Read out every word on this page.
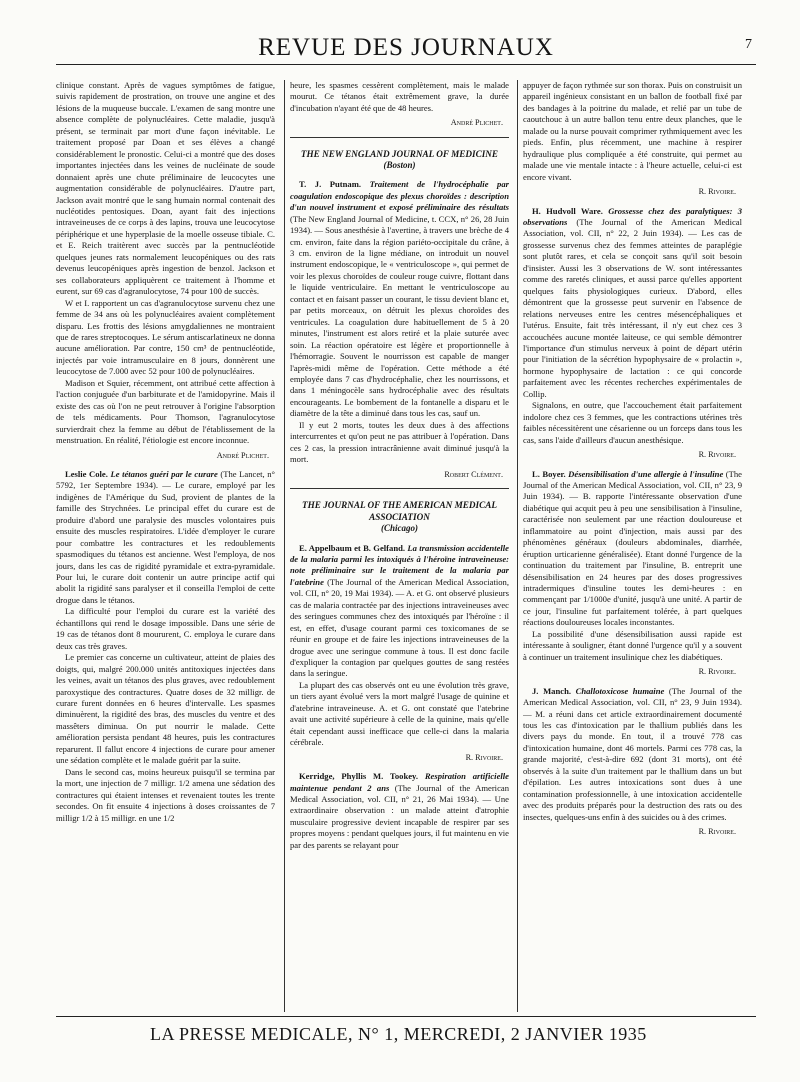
REVUE DES JOURNAUX	7

clinique constant. Après de vagues symptômes de fatigue, suivis rapidement de prostration, on trouve une angine et des lésions de la muqueuse buccale. L'examen de sang montre une absence complète de polynucléaires. Cette maladie, jusqu'à présent, se terminait par mort d'une façon inévitable. Le traitement proposé par Doan et ses élèves a changé considérablement le pronostic. Celui-ci a montré que des doses importantes injectées dans les veines de nucléinate de soude donnaient après une chute préliminaire de leucocytes une augmentation considérable de polynucléaires. D'autre part, Jackson avait montré que le sang humain normal contenait des nucléotides pentosiques. Doan, ayant fait des injections intraveineuses de ce corps à des lapins, trouva une leucocytose périphérique et une hyperplasie de la moelle osseuse tibiale. C. et E. Reich traitèrent avec succès par la pentnucléotide quelques jeunes rats normalement leucopéniques ou des rats devenus leucopéniques après ingestion de benzol. Jackson et ses collaborateurs appliquèrent ce traitement à l'homme et eurent, sur 69 cas d'agranulocytose, 74 pour 100 de succès.

W et I. rapportent un cas d'agranulocytose survenu chez une femme de 34 ans où les polynucléaires avaient complètement disparu. Les frottis des lésions amygdaliennes ne montraient que de rares streptocoques. Le sérum antiscarlatineux ne donna aucune amélioration. Par contre, 150 cm³ de pentnucléotide, injectés par voie intramusculaire en 8 jours, donnèrent une leucocytose de 7.000 avec 52 pour 100 de polynucléaires.

Madison et Squier, récemment, ont attribué cette affection à l'action conjuguée d'un barbiturate et de l'amidopyrine. Mais il existe des cas où l'on ne peut retrouver à l'origine l'absorption de tels médicaments. Pour Thomson, l'agranulocytose survierdrait chez la femme au début de l'établissement de la menstruation. En réalité, l'étiologie est encore inconnue.

André Plichet.

Leslie Cole. Le tétanos guéri par le curare (The Lancet, n° 5792, 1er Septembre 1934). — Le curare, employé par les indigènes de l'Amérique du Sud, provient de plantes de la famille des Strychnées. Le principal effet du curare est de produire d'abord une paralysie des muscles volontaires puis ensuite des muscles respiratoires. L'idée d'employer le curare pour combattre les contractures et les redoublements spasmodiques du tétanos est ancienne. West l'employa, de nos jours, dans les cas de rigidité pyramidale et extra-pyramidale. Pour lui, le curare doit contenir un autre principe actif qui abolit la rigidité sans paralyser et il conseilla l'emploi de cette drogue dans le tétanos.

La difficulté pour l'emploi du curare est la variété des échantillons qui rend le dosage impossible. Dans une série de 19 cas de tétanos dont 8 moururent, C. employa le curare dans deux cas très graves.

Le premier cas concerne un cultivateur, atteint de plaies des doigts, qui, malgré 200.000 unités antitoxiques injectées dans les veines, avait un tétanos des plus graves, avec redoublement paroxystique des contractures. Quatre doses de 32 milligr. de curare furent données en 6 heures d'intervalle. Les spasmes diminuèrent, la rigidité des bras, des muscles du ventre et des massêters diminua. On put nourrir le malade. Cette amélioration persista pendant 48 heures, puis les contractures reparurent. Il fallut encore 4 injections de curare pour amener une sédation complète et le malade guérit par la suite.

Dans le second cas, moins heureux puisqu'il se termina par la mort, une injection de 7 milligr. 1/2 amena une sédation des contractures qui étaient intenses et revenaient toutes les trente secondes. On fit ensuite 4 injections à doses croissantes de 7 milligr 1/2 à 15 milligr. en une 1/2

heure, les spasmes cessèrent complètement, mais le malade mourut. Ce tétanos était extrêmement grave, la durée d'incubation n'ayant été que de 48 heures.

André Plichet.
THE NEW ENGLAND JOURNAL OF MEDICINE
(Boston)

T. J. Putnam. Traitement de l'hydrocéphalie par coagulation endoscopique des plexus choroïdes : description d'un nouvel instrument et exposé préliminaire des résultats (The New England Journal of Medicine, t. CCX, n° 26, 28 Juin 1934). — Sous anesthésie à l'avertine, à travers une brèche de 4 cm. environ, faite dans la région pariéto-occipitale du crâne, à 3 cm. environ de la ligne médiane, on introduit un nouvel instrument endoscopique, le « ventriculoscope », qui permet de voir les plexus choroïdes de couleur rouge cuivre, flottant dans le liquide ventriculaire. En mettant le ventriculoscope au contact et en faisant passer un courant, le tissu devient blanc et, par petits morceaux, on détruit les plexus choroïdes des ventricules. La coagulation dure habituellement de 5 à 20 minutes, l'instrument est alors retiré et la plaie suturée avec soin. La réaction opératoire est légère et proportionnelle à l'hémorragie. Souvent le nourrisson est capable de manger l'après-midi même de l'opération. Cette méthode a été employée dans 7 cas d'hydrocéphalie, chez les nourrissons, et dans 1 méningocèle sans hydrocéphalie avec des résultats encourageants. Le bombement de la fontanelle a disparu et le diamètre de la tête a diminué dans tous les cas, sauf un.

Il y eut 2 morts, toutes les deux dues à des affections intercurrentes et qu'on peut ne pas attribuer à l'opération. Dans ces 2 cas, la pression intracrânienne avait diminué jusqu'à la mort.

Robert Clément.
THE JOURNAL OF THE AMERICAN MEDICAL ASSOCIATION
(Chicago)

E. Appelbaum et B. Gelfand. La transmission accidentelle de la malaria parmi les intoxiqués à l'héroïne intraveineuse: note préliminaire sur le traitement de la malaria par l'atebrine (The Journal of the American Medical Association, vol. CII, n° 20, 19 Mai 1934). — A. et G. ont observé plusieurs cas de malaria contractée par des injections intraveineuses avec des seringues communes chez des intoxiqués par l'héroïne : il est, en effet, d'usage courant parmi ces toxicomanes de se réunir en groupe et de faire les injections intraveineuses de la drogue avec une seringue commune à tous. Il est donc facile d'expliquer la contagion par quelques gouttes de sang restées dans la seringue.

La plupart des cas observés ont eu une évolution très grave, un tiers ayant évolué vers la mort malgré l'usage de quinine et d'atebrine intraveineuse. A. et G. ont constaté que l'atebrine avait une activité supérieure à celle de la quinine, mais qu'elle était cependant aussi inefficace que celle-ci dans la malaria cérébrale.

R. Rivoire.

Kerridge, Phyllis M. Tookey. Respiration artificielle maintenue pendant 2 ans (The Journal of the American Medical Association, vol. CII, n° 21, 26 Mai 1934). — Une extraordinaire observation : un malade atteint d'atrophie musculaire progressive devient incapable de respirer par ses propres moyens : pendant quelques jours, il fut maintenu en vie par des parents se relayant pour

appuyer de façon rythmée sur son thorax. Puis on construisit un appareil ingénieux consistant en un ballon de football fixé par des bandages à la poitrine du malade, et relié par un tube de caoutchouc à un autre ballon tenu entre deux planches, que le malade ou la nurse pouvait comprimer rythmiquement avec les pieds. Enfin, plus récemment, une machine à respirer hydraulique plus compliquée a été construite, qui permet au malade une vie mentale intacte : à l'heure actuelle, celui-ci est encore vivant.

R. Rivoire.

H. Hudvoll Ware. Grossesse chez des paralytiques: 3 observations (The Journal of the American Medical Association, vol. CII, n° 22, 2 Juin 1934). — Les cas de grossesse survenus chez des femmes atteintes de paraplégie sont plutôt rares, et cela se conçoit sans qu'il soit besoin d'insister. Aussi les 3 observations de W. sont intéressantes comme des raretés cliniques, et aussi parce qu'elles apportent quelques faits physiologiques curieux. D'abord, elles démontrent que la grossesse peut survenir en l'absence de relations nerveuses entre les centres mésencéphaliques et l'utérus. Ensuite, fait très intéressant, il n'y eut chez ces 3 accouchées aucune montée laiteuse, ce qui semble démontrer l'importance d'un stimulus nerveux à point de départ utérin pour l'initiation de la sécrétion hypophysaire de « prolactin », hormone hypophysaire de lactation : ce qui concorde parfaitement avec les récentes recherches expérimentales de Collip.

Signalons, en outre, que l'accouchement était parfaitement indolore chez ces 3 femmes, que les contractions utérines très faibles nécessitèrent une césarienne ou un forceps dans tous les cas, sans l'aide d'ailleurs d'aucun anesthésique.

R. Rivoire.

L. Boyer. Désensibilisation d'une allergie à l'insuline (The Journal of the American Medical Association, vol. CII, n° 23, 9 Juin 1934). — B. rapporte l'intéressante observation d'une diabétique qui acquit peu à peu une sensibilisation à l'insuline, caractérisée non seulement par une réaction douloureuse et inflammatoire au point d'injection, mais aussi par des phénomènes généraux (douleurs abdominales, diarrhée, éruption urticarienne généralisée). Etant donné l'urgence de la continuation du traitement par l'insuline, B. entreprit une désensibilisation en 24 heures par des doses progressives intradermiques d'insuline toutes les demi-heures : en commençant par 1/1000e d'unité, jusqu'à une unité. A partir de ce jour, l'insuline fut parfaitement tolérée, à part quelques réactions douloureuses locales inconstantes.

La possibilité d'une désensibilisation aussi rapide est intéressante à souligner, étant donné l'urgence qu'il y a souvent à continuer un traitement insulinique chez les diabétiques.

R. Rivoire.

J. Manch. Challotoxicose humaine (The Journal of the American Medical Association, vol. CII, n° 23, 9 Juin 1934). — M. a réuni dans cet article extraordinairement documenté tous les cas d'intoxication par le thallium publiés dans les divers pays du monde. En tout, il a trouvé 778 cas d'intoxication humaine, dont 46 mortels. Parmi ces 778 cas, la grande majorité, c'est-à-dire 692 (dont 31 morts), ont été observés à la suite d'un traitement par le thallium dans un but d'épilation. Les autres intoxications sont dues à une contamination professionnelle, à une intoxication accidentelle avec des produits préparés pour la destruction des rats ou des insectes, quelques-uns enfin à des suicides ou à des crimes.

R. Rivoire.
LA PRESSE MEDICALE, N° 1, MERCREDI, 2 JANVIER 1935
